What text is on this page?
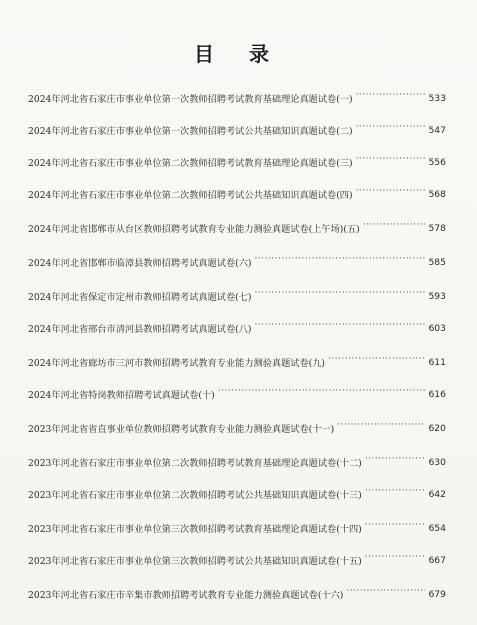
目 录
2024年河北省石家庄市事业单位第一次教师招聘考试教育基础理论真题试卷(一) ·····	533
2024年河北省石家庄市事业单位第一次教师招聘考试公共基础知识真题试卷(二) ·····	547
2024年河北省石家庄市事业单位第二次教师招聘考试教育基础理论真题试卷(三) ·····	556
2024年河北省石家庄市事业单位第二次教师招聘考试公共基础知识真题试卷(四) ·····	568
2024年河北省邯郸市从台区教师招聘考试教育专业能力测验真题试卷(上午场)(五) ·····	578
2024年河北省邯郸市临漳县教师招聘考试真题试卷(六) ·····	585
2024年河北省保定市定州市教师招聘考试真题试卷(七) ·····	593
2024年河北省邢台市清河县教师招聘考试真题试卷(八) ·····	603
2024年河北省廊坊市三河市教师招聘考试教育专业能力测验真题试卷(九) ·····	611
2024年河北省特岗教师招聘考试真题试卷(十) ·····	616
2023年河北省省直事业单位教师招聘考试教育专业能力测验真题试卷(十一) ·····	620
2023年河北省石家庄市事业单位第二次教师招聘考试教育基础理论真题试卷(十二) ·····	630
2023年河北省石家庄市事业单位第二次教师招聘考试公共基础知识真题试卷(十三) ·····	642
2023年河北省石家庄市事业单位第三次教师招聘考试教育基础理论真题试卷(十四) ·····	654
2023年河北省石家庄市事业单位第三次教师招聘考试公共基础知识真题试卷(十五) ·····	667
2023年河北省石家庄市辛集市教师招聘考试教育专业能力测验真题试卷(十六) ·····	679
